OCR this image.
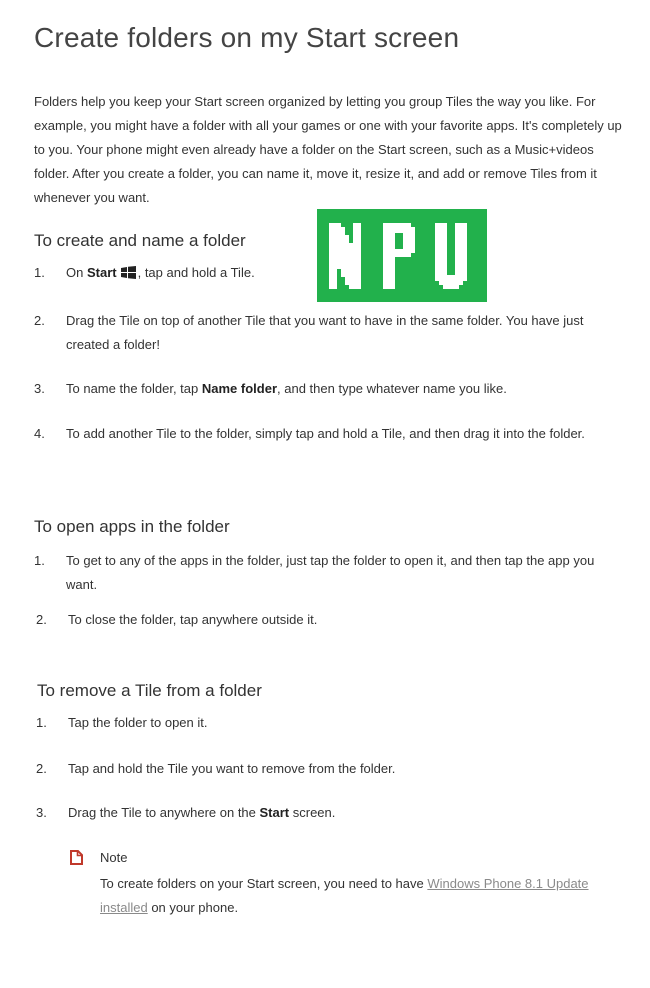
Create folders on my Start screen

Folders help you keep your Start screen organized by letting you group Tiles the way you like. For example, you might have a folder with all your games or one with your favorite apps. It's completely up to you. Your phone might even already have a folder on the Start screen, such as a Music+videos folder. After you create a folder, you can name it, move it, resize it, and add or remove Tiles from it whenever you want.

To create and name a folder
1. On Start , tap and hold a Tile.
2. Drag the Tile on top of another Tile that you want to have in the same folder. You have just created a folder!
3. To name the folder, tap Name folder, and then type whatever name you like.
4. To add another Tile to the folder, simply tap and hold a Tile, and then drag it into the folder.
To open apps in the folder
1. To get to any of the apps in the folder, just tap the folder to open it, and then tap the app you want.
2. To close the folder, tap anywhere outside it.
To remove a Tile from a folder
1. Tap the folder to open it.
2. Tap and hold the Tile you want to remove from the folder.
3. Drag the Tile to anywhere on the Start screen.
Note
To create folders on your Start screen, you need to have Windows Phone 8.1 Update installed on your phone.
